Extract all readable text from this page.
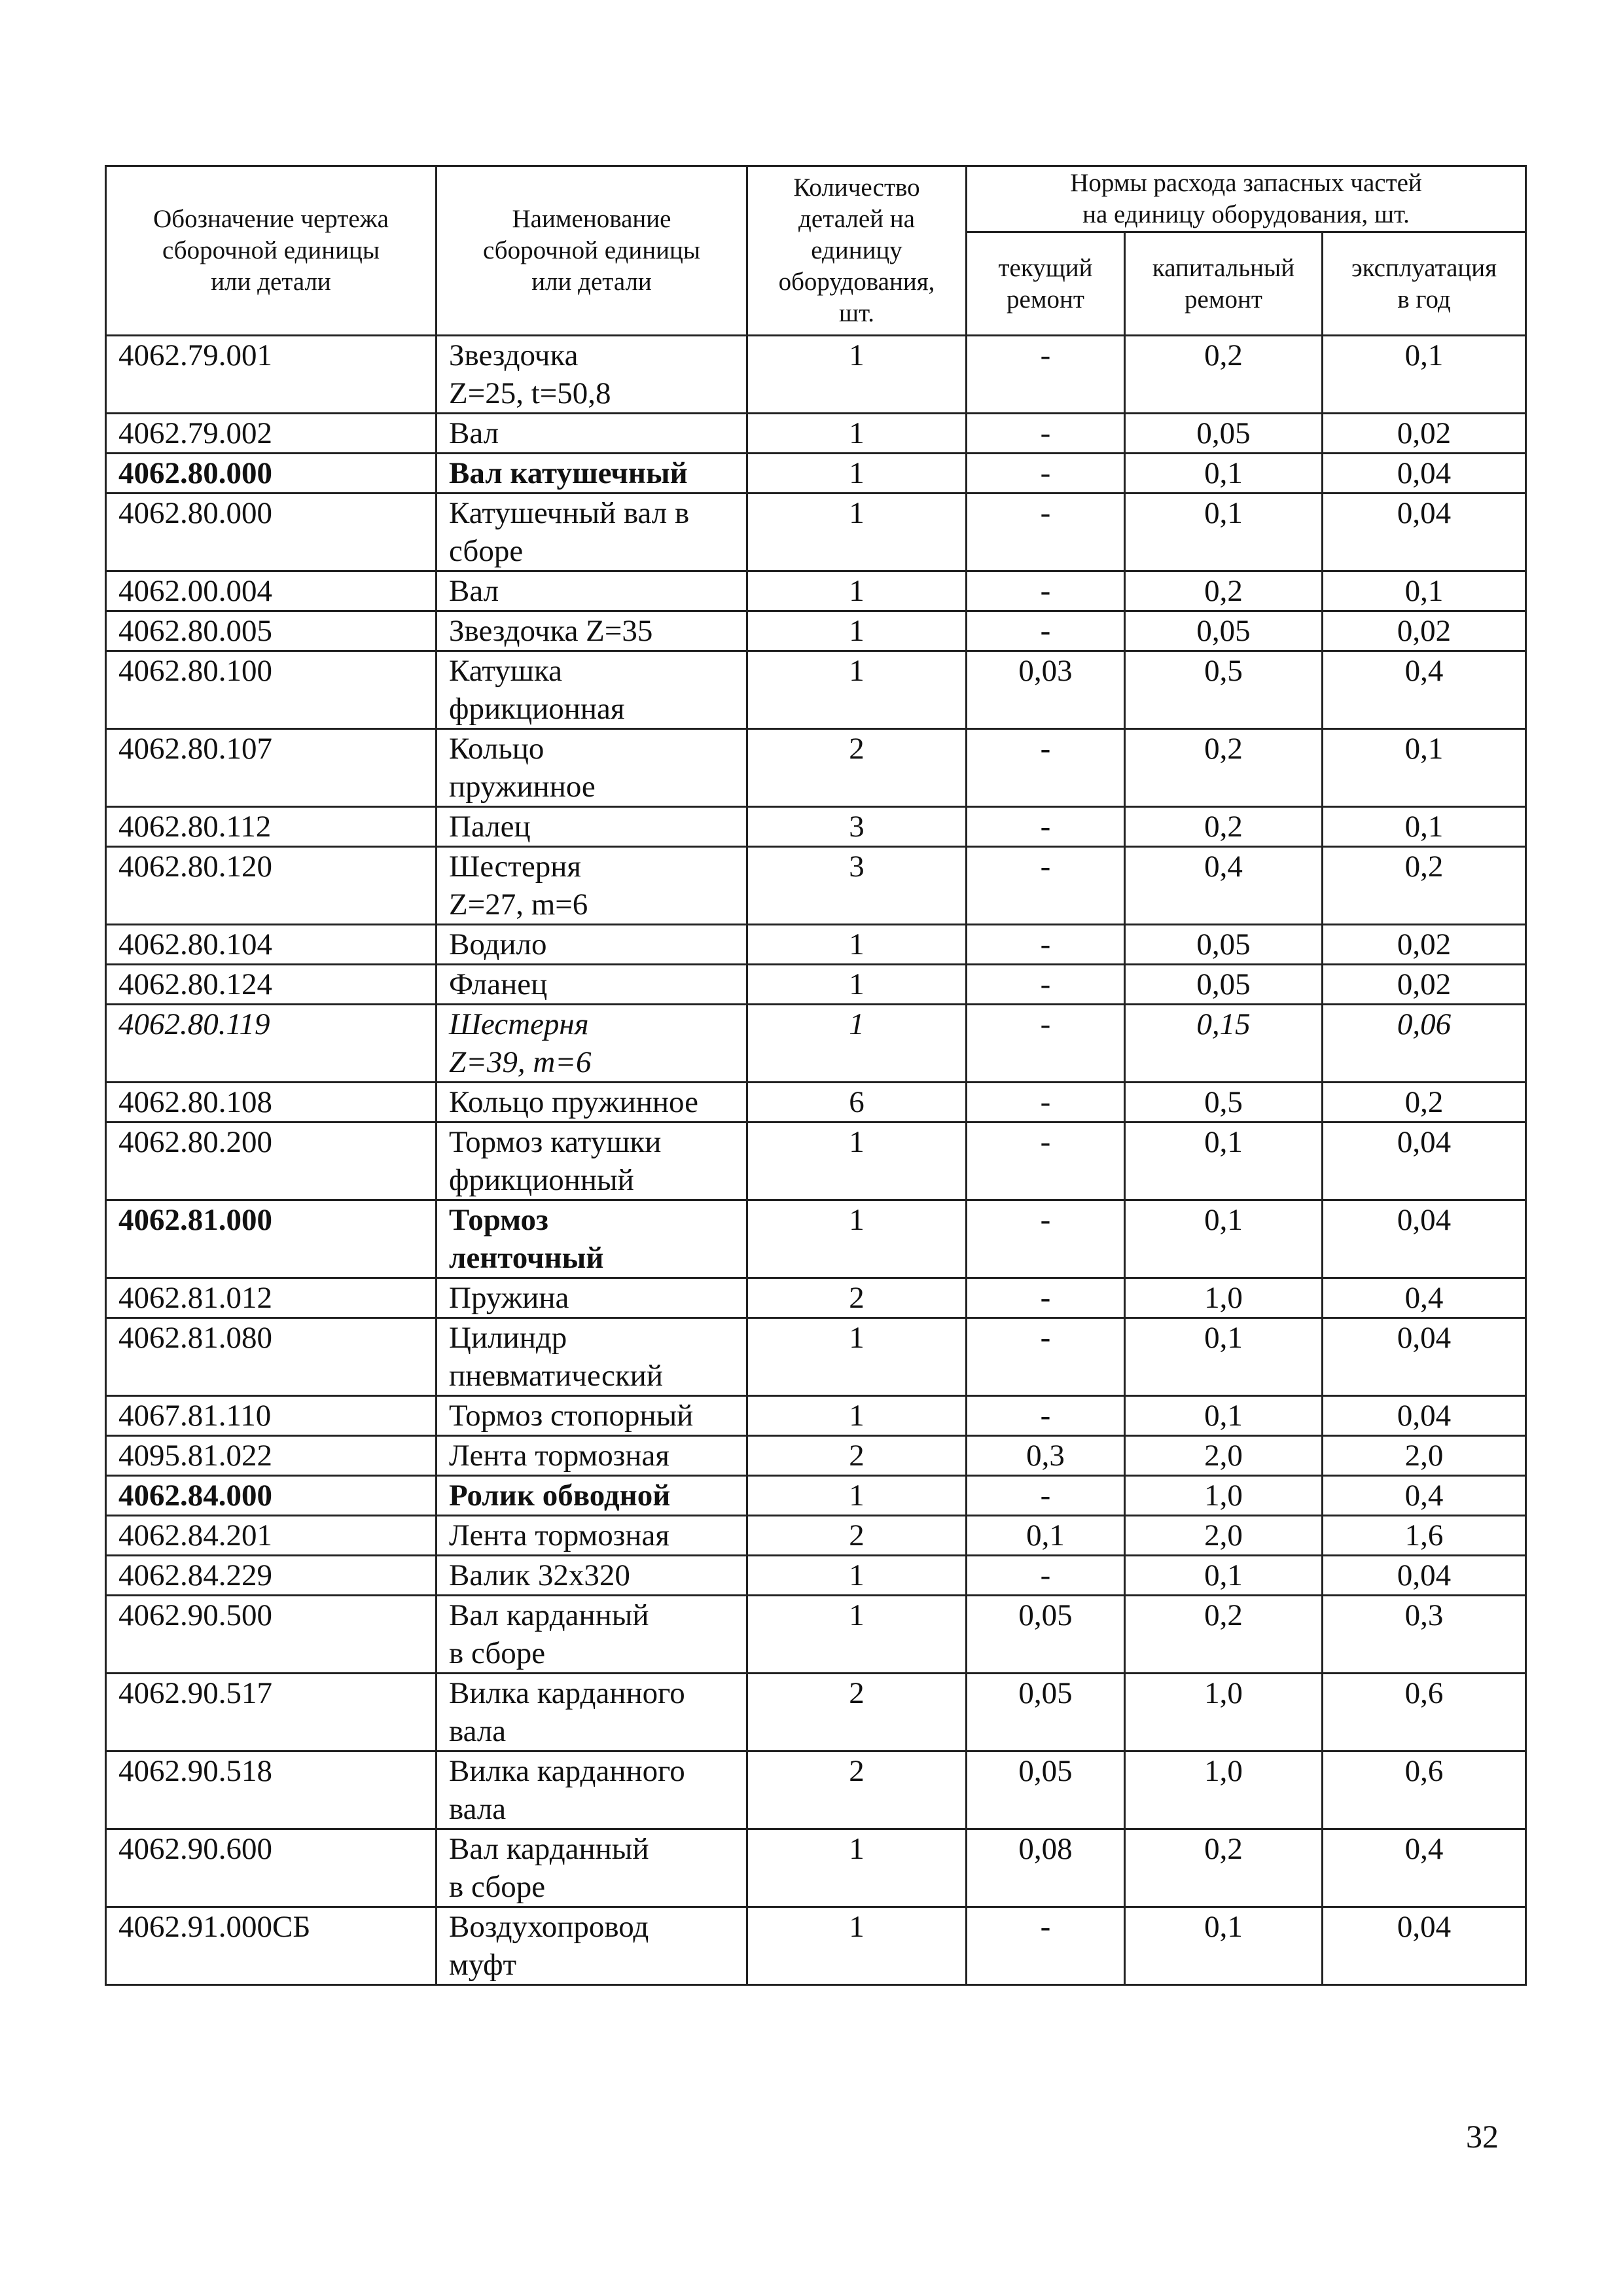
Обозначение чертежа
сборочной единицы
или детали	Наименование
сборочной единицы
или детали	Количество
деталей на
единицу
оборудования,
шт.	Нормы расхода запасных частей
на единицу оборудования, шт.		
			текущий
ремонт	капитальный
ремонт	эксплуатация
в год
4062.79.001	Звездочка
Z=25, t=50,8	1	-	0,2	0,1
4062.79.002	Вал	1	-	0,05	0,02
4062.80.000	Вал катушечный	1	-	0,1	0,04
4062.80.000	Катушечный вал в
сборе	1	-	0,1	0,04
4062.00.004	Вал	1	-	0,2	0,1
4062.80.005	Звездочка Z=35	1	-	0,05	0,02
4062.80.100	Катушка
фрикционная	1	0,03	0,5	0,4
4062.80.107	Кольцо
пружинное	2	-	0,2	0,1
4062.80.112	Палец	3	-	0,2	0,1
4062.80.120	Шестерня
Z=27, m=6	3	-	0,4	0,2
4062.80.104	Водило	1	-	0,05	0,02
4062.80.124	Фланец	1	-	0,05	0,02
4062.80.119	Шестерня
Z=39, m=6	1	-	0,15	0,06
4062.80.108	Кольцо пружинное	6	-	0,5	0,2
4062.80.200	Тормоз катушки
фрикционный	1	-	0,1	0,04
4062.81.000	Тормоз
ленточный	1	-	0,1	0,04
4062.81.012	Пружина	2	-	1,0	0,4
4062.81.080	Цилиндр
пневматический	1	-	0,1	0,04
4067.81.110	Тормоз стопорный	1	-	0,1	0,04
4095.81.022	Лента тормозная	2	0,3	2,0	2,0
4062.84.000	Ролик обводной	1	-	1,0	0,4
4062.84.201	Лента тормозная	2	0,1	2,0	1,6
4062.84.229	Валик 32x320	1	-	0,1	0,04
4062.90.500	Вал карданный
в сборе	1	0,05	0,2	0,3
4062.90.517	Вилка карданного
вала	2	0,05	1,0	0,6
4062.90.518	Вилка карданного
вала	2	0,05	1,0	0,6
4062.90.600	Вал карданный
в сборе	1	0,08	0,2	0,4
4062.91.000СБ	Воздухопровод
муфт	1	-	0,1	0,04
32
